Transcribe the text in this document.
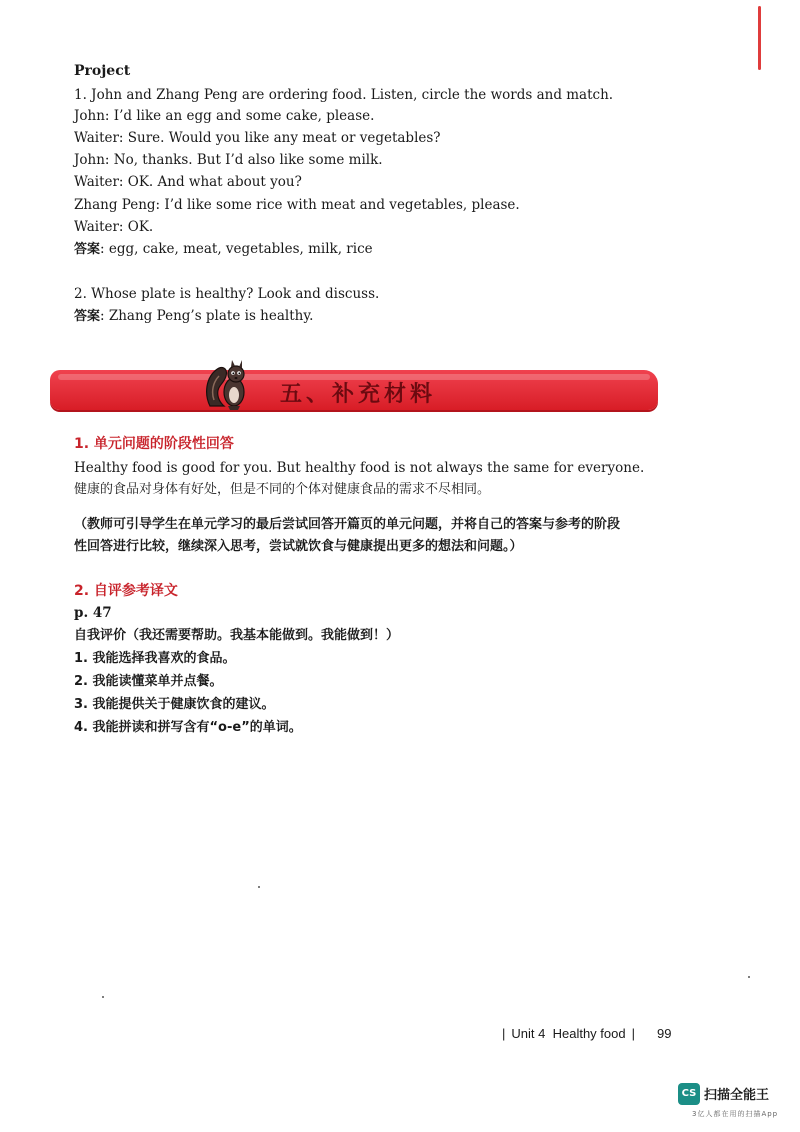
Project
1. John and Zhang Peng are ordering food. Listen, circle the words and match.
John: I’d like an egg and some cake, please.
Waiter: Sure. Would you like any meat or vegetables?
John: No, thanks. But I’d also like some milk.
Waiter: OK. And what about you?
Zhang Peng: I’d like some rice with meat and vegetables, please.
Waiter: OK.
答案: egg, cake, meat, vegetables, milk, rice
2. Whose plate is healthy? Look and discuss.
答案: Zhang Peng’s plate is healthy.
五、补充材料
1. 单元问题的阶段性回答
Healthy food is good for you. But healthy food is not always the same for everyone.
健康的食品对身体有好处，但是不同的个体对健康食品的需求不尽相同。
（教师可引导学生在单元学习的最后尝试回答开篇页的单元问题，并将自己的答案与参考的阶段
性回答进行比较，继续深入思考，尝试就饮食与健康提出更多的想法和问题。）
2. 自评参考译文
p. 47
自我评价（我还需要帮助。我基本能做到。我能做到！）
1. 我能选择我喜欢的食品。
2. 我能读懂菜单并点餐。
3. 我能提供关于健康饮食的建议。
4. 我能拼读和拼写含有“o-e”的单词。
| Unit 4 Healthy food | 99
CS 扫描全能王
3亿人都在用的扫描App
